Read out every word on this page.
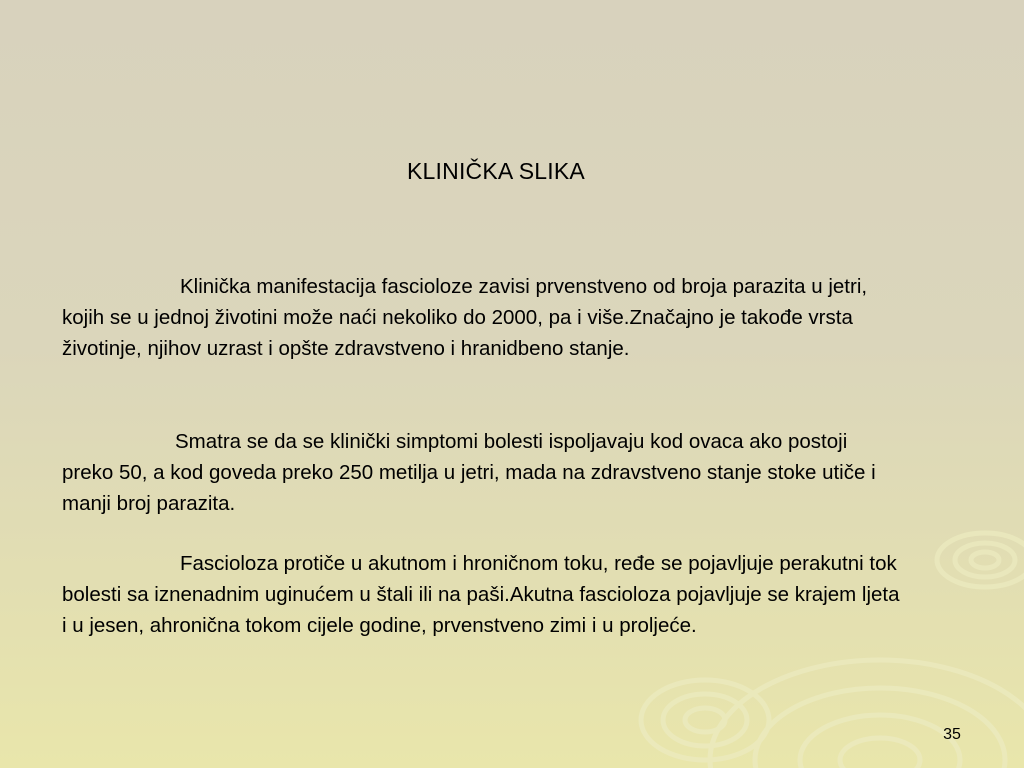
KLINIČKA SLIKA

Klinička manifestacija fascioloze zavisi prvenstveno od broja parazita u jetri, kojih se u jednoj životini može naći nekoliko do 2000, pa i više.Značajno je takođe vrsta životinje, njihov uzrast i opšte zdravstveno i hranidbeno stanje.

Smatra se da se klinički simptomi bolesti ispoljavaju kod ovaca ako postoji preko 50, a kod goveda preko 250 metilja u jetri, mada na zdravstveno stanje stoke utiče i manji broj parazita.

Fascioloza protiče u akutnom i hroničnom toku, ređe se pojavljuje perakutni tok bolesti sa iznenadnim uginućem u štali ili na paši.Akutna fascioloza pojavljuje se krajem ljeta i u jesen, ahronična tokom cijele godine, prvenstveno zimi i u proljeće.

35
